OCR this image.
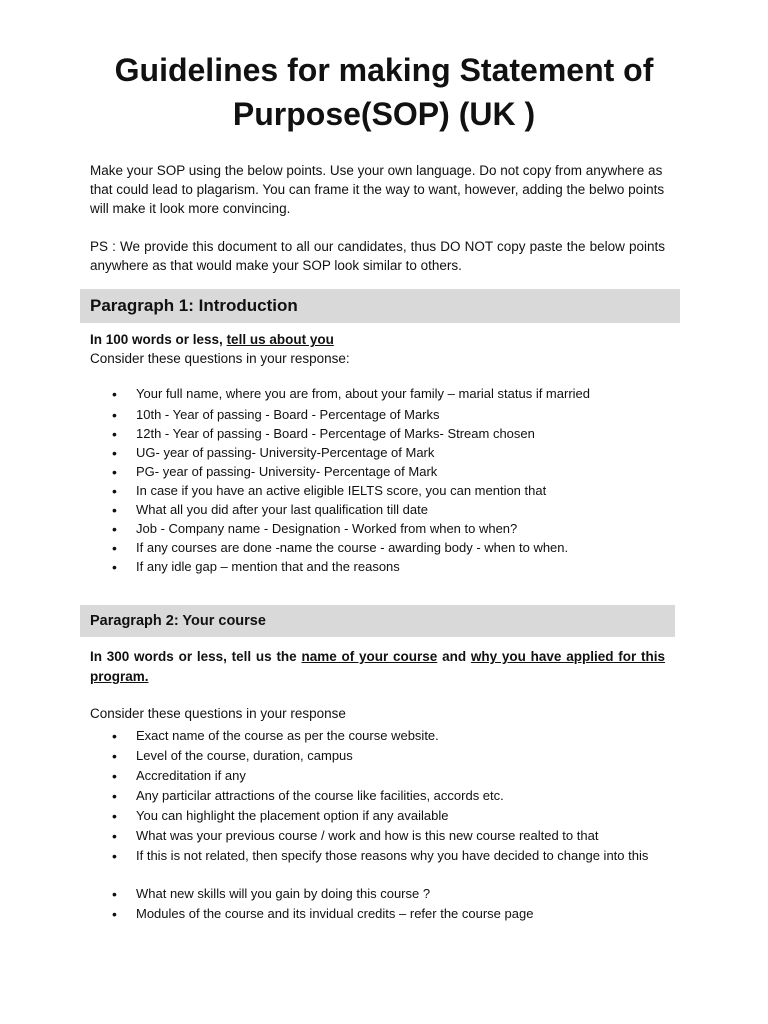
Guidelines for making Statement of
Purpose(SOP) (UK )
Make your SOP using the below points. Use your own language. Do not copy from anywhere as that could lead to plagarism. You can frame it the way to want, however, adding the belwo points will make it look more convincing.
PS : We provide this document to all our candidates, thus DO NOT copy paste the below points anywhere as that would make your SOP look similar to others.
Paragraph 1: Introduction
In 100 words or less, tell us about you
Consider these questions in your response:
• Your full name, where you are from, about your family – marial status if married
• 10th - Year of passing - Board - Percentage of Marks
• 12th - Year of passing - Board - Percentage of Marks- Stream chosen
• UG- year of passing- University-Percentage of Mark
• PG- year of passing- University- Percentage of Mark
• In case if you have an active eligible IELTS score, you can mention that
• What all you did after your last qualification till date
• Job - Company name - Designation - Worked from when to when?
• If any courses are done -name the course - awarding body - when to when.
• If any idle gap – mention that and the reasons
Paragraph 2: Your course
In 300 words or less, tell us the name of your course and why you have applied for this program.
Consider these questions in your response
• Exact name of the course as per the course website.
• Level of the course, duration, campus
• Accreditation if any
• Any particilar attractions of the course like facilities, accords etc.
• You can highlight the placement option if any available
• What was your previous course / work and how is this new course realted to that
• If this is not related, then specify those reasons why you have decided to change into this
• What new skills will you gain by doing this course ?
• Modules of the course and its invidual credits – refer the course page
